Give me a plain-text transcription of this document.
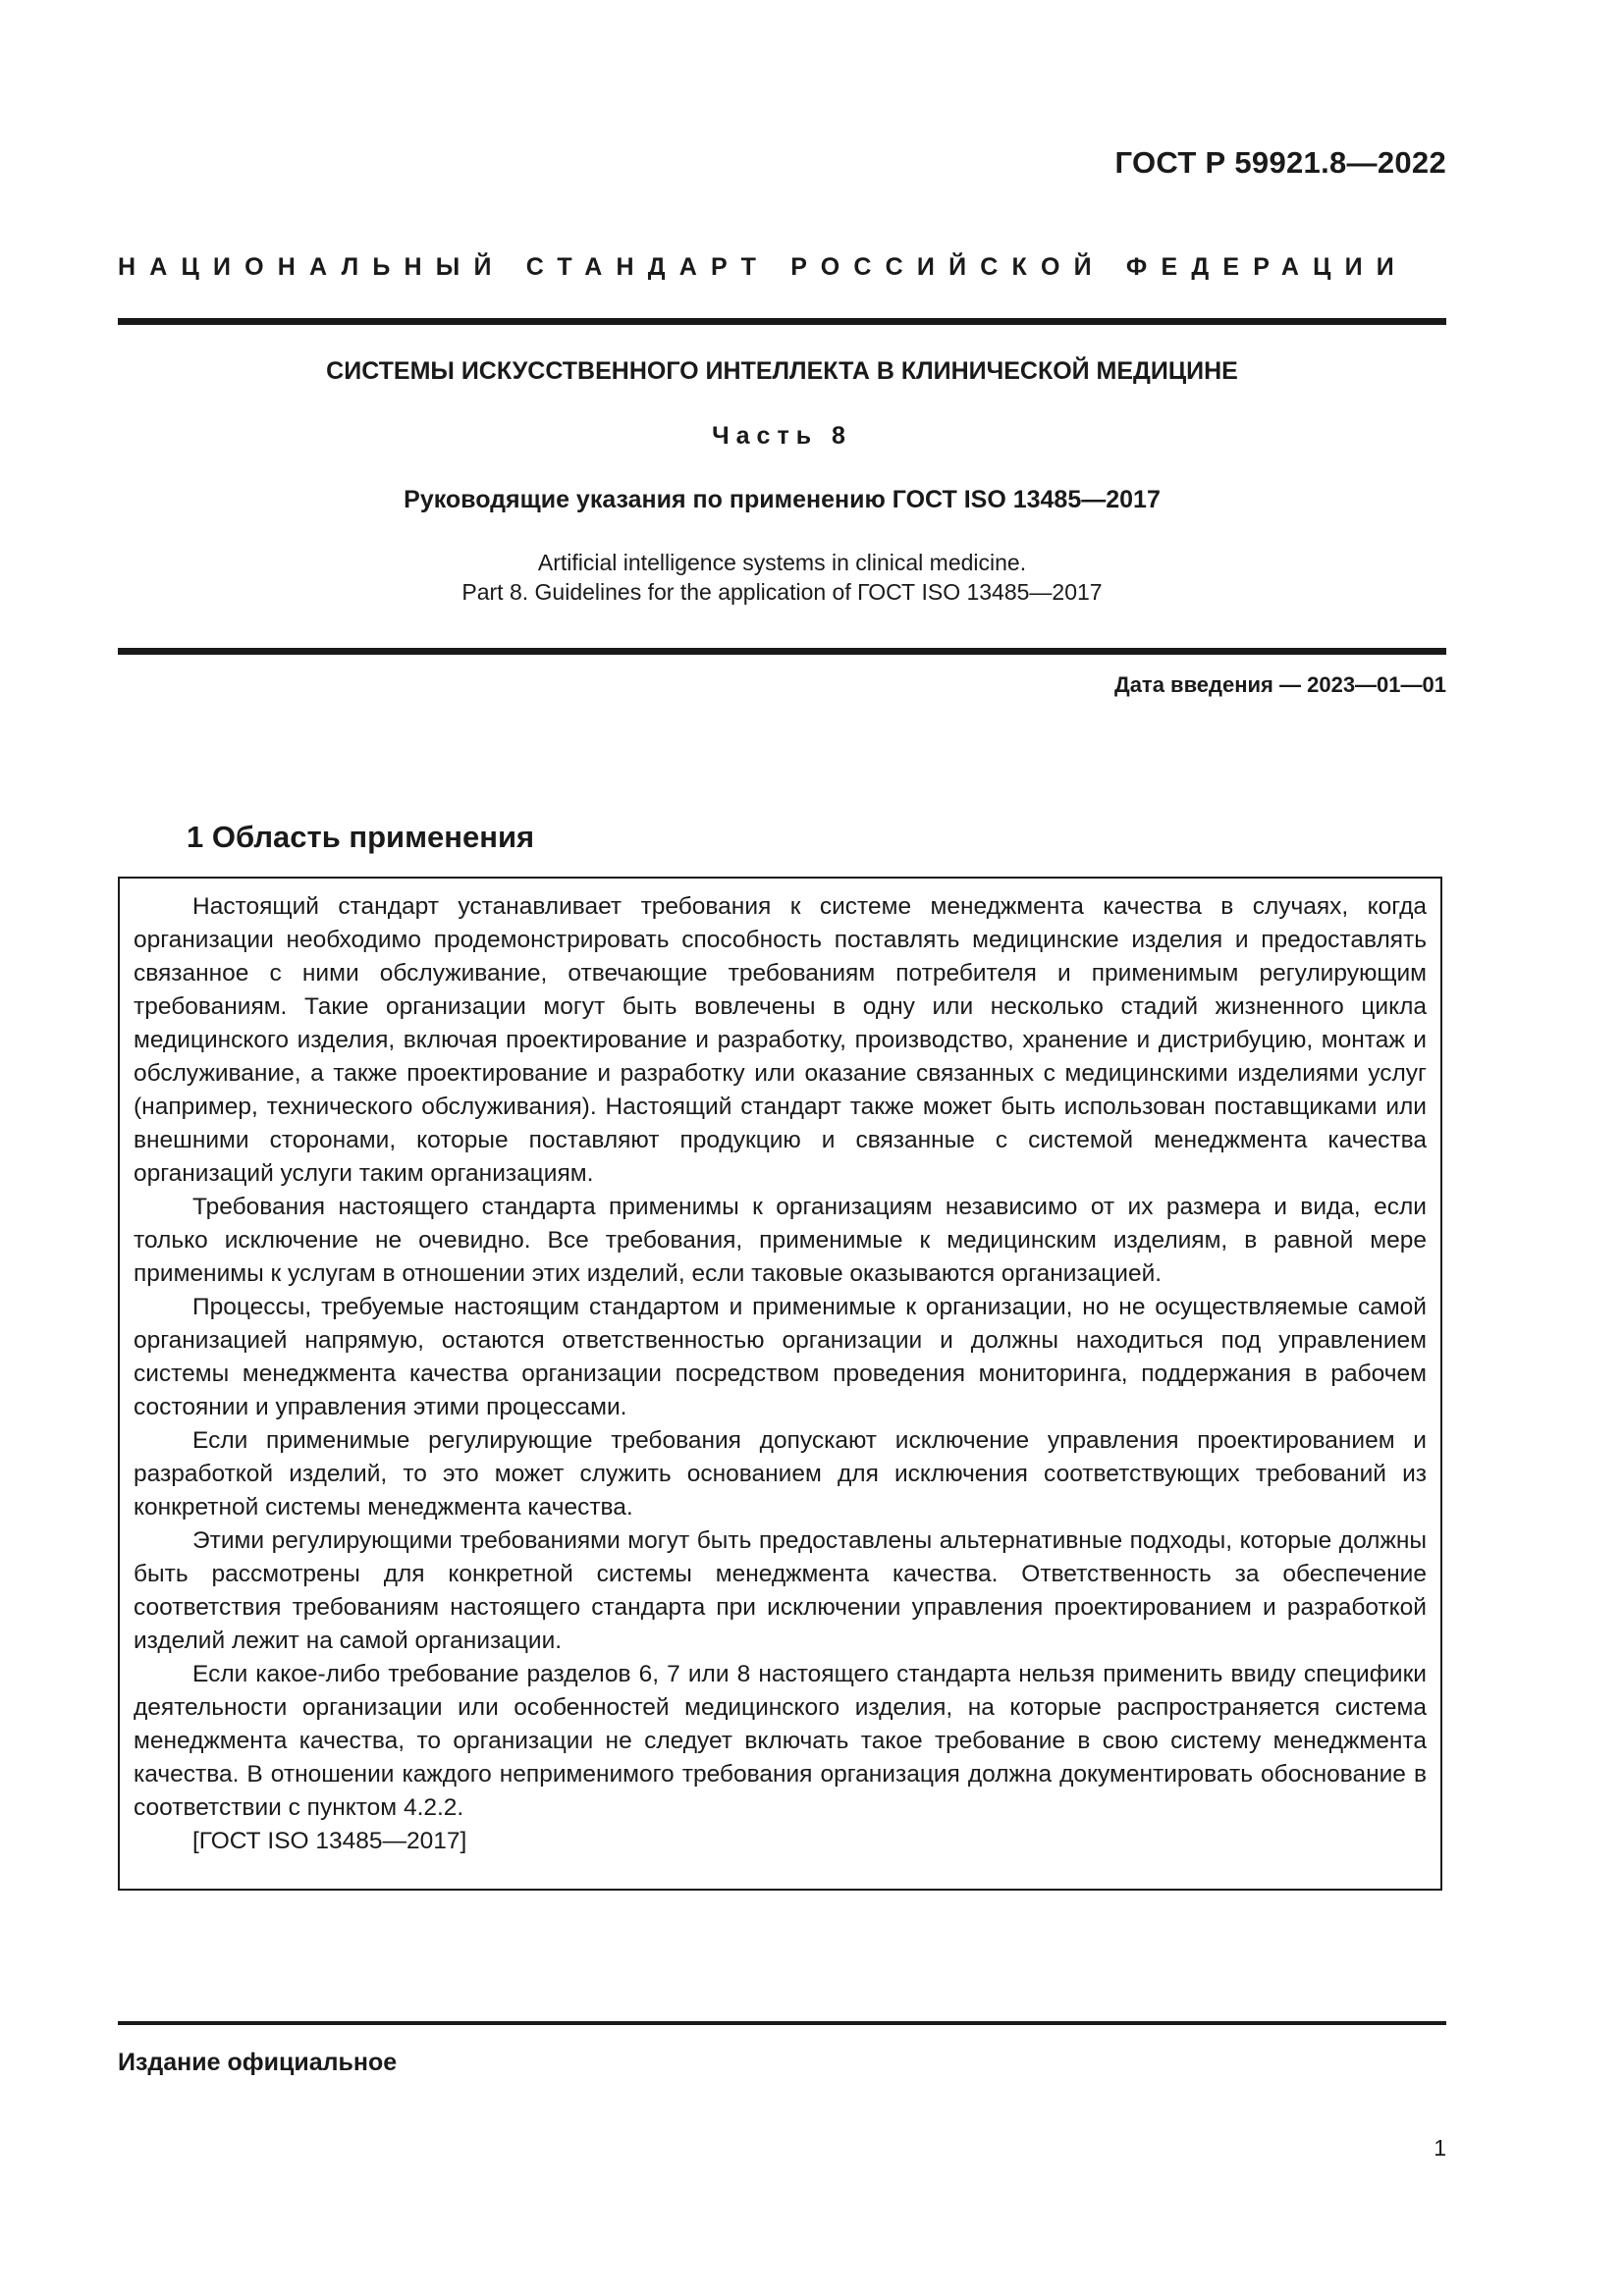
ГОСТ Р 59921.8—2022
НАЦИОНАЛЬНЫЙ СТАНДАРТ РОССИЙСКОЙ ФЕДЕРАЦИИ
СИСТЕМЫ ИСКУССТВЕННОГО ИНТЕЛЛЕКТА В КЛИНИЧЕСКОЙ МЕДИЦИНЕ
Часть 8
Руководящие указания по применению ГОСТ ISO 13485—2017
Artificial intelligence systems in clinical medicine.
Part 8. Guidelines for the application of ГОСТ ISO 13485—2017
Дата введения — 2023—01—01
1 Область применения

Настоящий стандарт устанавливает требования к системе менеджмента качества в случаях, когда организации необходимо продемонстрировать способность поставлять медицинские изделия и предоставлять связанное с ними обслуживание, отвечающие требованиям потребителя и применимым регулирующим требованиям. Такие организации могут быть вовлечены в одну или несколько стадий жизненного цикла медицинского изделия, включая проектирование и разработку, производство, хранение и дистрибуцию, монтаж и обслуживание, а также проектирование и разработку или оказание связанных с медицинскими изделиями услуг (например, технического обслуживания). Настоящий стандарт также может быть использован поставщиками или внешними сторонами, которые поставляют продукцию и связанные с системой менеджмента качества организаций услуги таким организациям.

Требования настоящего стандарта применимы к организациям независимо от их размера и вида, если только исключение не очевидно. Все требования, применимые к медицинским изделиям, в равной мере применимы к услугам в отношении этих изделий, если таковые оказываются организацией.

Процессы, требуемые настоящим стандартом и применимые к организации, но не осуществляемые самой организацией напрямую, остаются ответственностью организации и должны находиться под управлением системы менеджмента качества организации посредством проведения мониторинга, поддержания в рабочем состоянии и управления этими процессами.

Если применимые регулирующие требования допускают исключение управления проектированием и разработкой изделий, то это может служить основанием для исключения соответствующих требований из конкретной системы менеджмента качества.

Этими регулирующими требованиями могут быть предоставлены альтернативные подходы, которые должны быть рассмотрены для конкретной системы менеджмента качества. Ответственность за обеспечение соответствия требованиям настоящего стандарта при исключении управления проектированием и разработкой изделий лежит на самой организации.

Если какое-либо требование разделов 6, 7 или 8 настоящего стандарта нельзя применить ввиду специфики деятельности организации или особенностей медицинского изделия, на которые распространяется система менеджмента качества, то организации не следует включать такое требование в свою систему менеджмента качества. В отношении каждого неприменимого требования организация должна документировать обоснование в соответствии с пунктом 4.2.2.

[ГОСТ ISO 13485—2017]

Издание официальное
1
